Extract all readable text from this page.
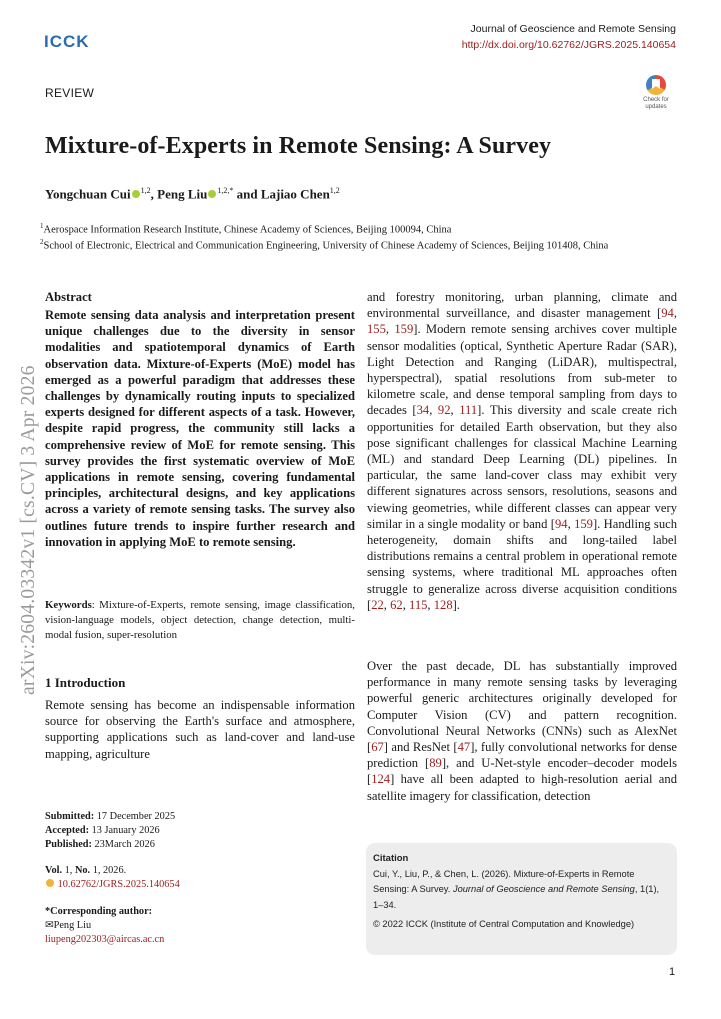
ICCK
Journal of Geoscience and Remote Sensing
http://dx.doi.org/10.62762/JGRS.2025.140654
REVIEW	Check for updates
Mixture-of-Experts in Remote Sensing: A Survey
Yongchuan Cui $^{1,2}$, Peng Liu $^{1,2,*}$ and Lajiao Chen$^{1,2}$
$^1$Aerospace Information Research Institute, Chinese Academy of Sciences, Beijing 100094, China
$^2$School of Electronic, Electrical and Communication Engineering, University of Chinese Academy of Sciences, Beijing 101408, China
arXiv:2604.03342v1 [cs.CV] 3 Apr 2026
Abstract
Remote sensing data analysis and interpretation present unique challenges due to the diversity in sensor modalities and spatiotemporal dynamics of Earth observation data. Mixture-of-Experts (MoE) model has emerged as a powerful paradigm that addresses these challenges by dynamically routing inputs to specialized experts designed for different aspects of a task. However, despite rapid progress, the community still lacks a comprehensive review of MoE for remote sensing. This survey provides the first systematic overview of MoE applications in remote sensing, covering fundamental principles, architectural designs, and key applications across a variety of remote sensing tasks. The survey also outlines future trends to inspire further research and innovation in applying MoE to remote sensing.
Keywords: Mixture-of-Experts, remote sensing, image classification, vision-language models, object detection, change detection, multi-modal fusion, super-resolution
1 Introduction
Remote sensing has become an indispensable information source for observing the Earth's surface and atmosphere, supporting applications such as land-cover and land-use mapping, agriculture
Submitted: 17 December 2025
Accepted: 13 January 2026
Published: 23March 2026
Vol. 1, No. 1, 2026.
10.62762/JGRS.2025.140654
*Corresponding author:
✉Peng Liu
liupeng202303@aircas.ac.cn
and forestry monitoring, urban planning, climate and environmental surveillance, and disaster management [94, 155, 159]. Modern remote sensing archives cover multiple sensor modalities (optical, Synthetic Aperture Radar (SAR), Light Detection and Ranging (LiDAR), multispectral, hyperspectral), spatial resolutions from sub-meter to kilometre scale, and dense temporal sampling from days to decades [34, 92, 111]. This diversity and scale create rich opportunities for detailed Earth observation, but they also pose significant challenges for classical Machine Learning (ML) and standard Deep Learning (DL) pipelines. In particular, the same land-cover class may exhibit very different signatures across sensors, resolutions, seasons and viewing geometries, while different classes can appear very similar in a single modality or band [94, 159]. Handling such heterogeneity, domain shifts and long-tailed label distributions remains a central problem in operational remote sensing systems, where traditional ML approaches often struggle to generalize across diverse acquisition conditions [22, 62, 115, 128].
Over the past decade, DL has substantially improved performance in many remote sensing tasks by leveraging powerful generic architectures originally developed for Computer Vision (CV) and pattern recognition. Convolutional Neural Networks (CNNs) such as AlexNet [67] and ResNet [47], fully convolutional networks for dense prediction [89], and U-Net-style encoder–decoder models [124] have all been adapted to high-resolution aerial and satellite imagery for classification, detection
Citation
Cui, Y., Liu, P., & Chen, L. (2026). Mixture-of-Experts in Remote Sensing: A Survey. Journal of Geoscience and Remote Sensing, 1(1), 1–34.
© 2022 ICCK (Institute of Central Computation and Knowledge)
1
